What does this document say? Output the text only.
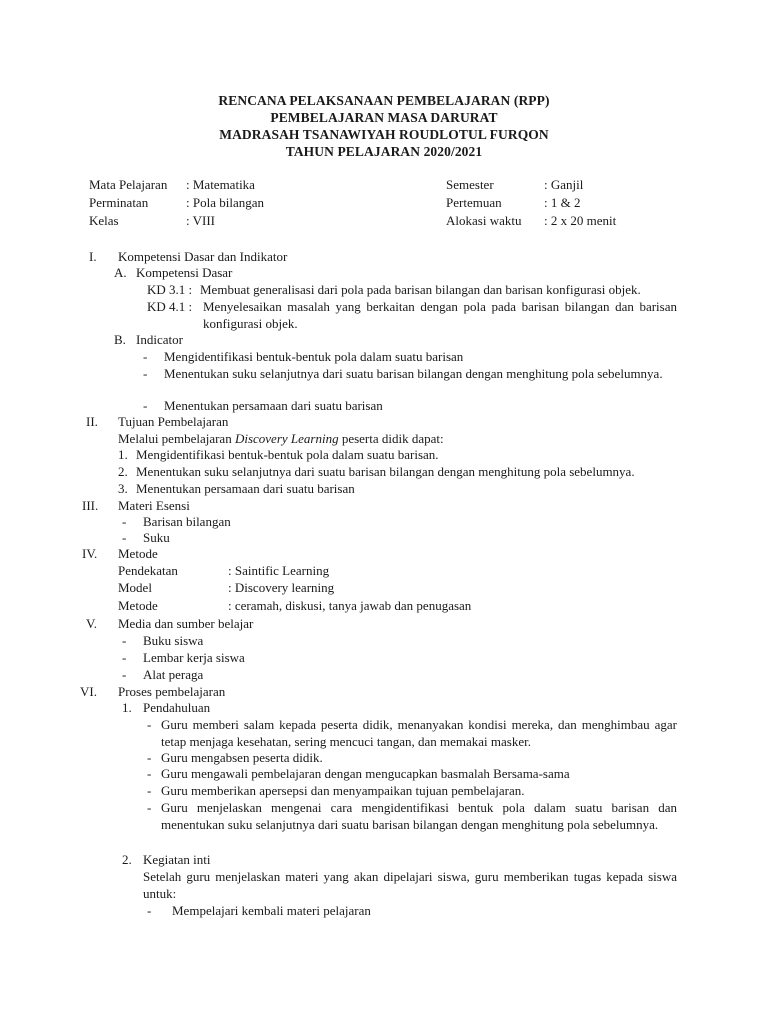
RENCANA PELAKSANAAN PEMBELAJARAN (RPP)
PEMBELAJARAN MASA DARURAT
MADRASAH TSANAWIYAH ROUDLOTUL FURQON
TAHUN PELAJARAN 2020/2021
Mata Pelajaran : Matematika
Perminatan	: Pola bilangan
Kelas	: VIII
Semester	: Ganjil
Pertemuan	: 1 & 2
Alokasi waktu : 2 x 20 menit
I. Kompetensi Dasar dan Indikator
A. Kompetensi Dasar
KD 3.1 : Membuat generalisasi dari pola pada barisan bilangan dan barisan konfigurasi objek.
KD 4.1 : Menyelesaikan masalah yang berkaitan dengan pola pada barisan bilangan dan barisan konfigurasi objek.
B. Indicator
- Mengidentifikasi bentuk-bentuk pola dalam suatu barisan
- Menentukan suku selanjutnya dari suatu barisan bilangan dengan menghitung pola sebelumnya.
- Menentukan persamaan dari suatu barisan
II. Tujuan Pembelajaran
Melalui pembelajaran Discovery Learning peserta didik dapat:
1. Mengidentifikasi bentuk-bentuk pola dalam suatu barisan.
2. Menentukan suku selanjutnya dari suatu barisan bilangan dengan menghitung pola sebelumnya.
3. Menentukan persamaan dari suatu barisan
III. Materi Esensi
- Barisan bilangan
- Suku
IV. Metode
Pendekatan	: Saintific Learning
Model	: Discovery learning
Metode	: ceramah, diskusi, tanya jawab dan penugasan
V. Media dan sumber belajar
- Buku siswa
- Lembar kerja siswa
- Alat peraga
VI. Proses pembelajaran
1. Pendahuluan
- Guru memberi salam kepada peserta didik, menanyakan kondisi mereka, dan menghimbau agar tetap menjaga kesehatan, sering mencuci tangan, dan memakai masker.
- Guru mengabsen peserta didik.
- Guru mengawali pembelajaran dengan mengucapkan basmalah Bersama-sama
- Guru memberikan apersepsi dan menyampaikan tujuan pembelajaran.
- Guru menjelaskan mengenai cara mengidentifikasi bentuk pola dalam suatu barisan dan menentukan suku selanjutnya dari suatu barisan bilangan dengan menghitung pola sebelumnya.
2. Kegiatan inti
Setelah guru menjelaskan materi yang akan dipelajari siswa, guru memberikan tugas kepada siswa untuk:
- Mempelajari kembali materi pelajaran
